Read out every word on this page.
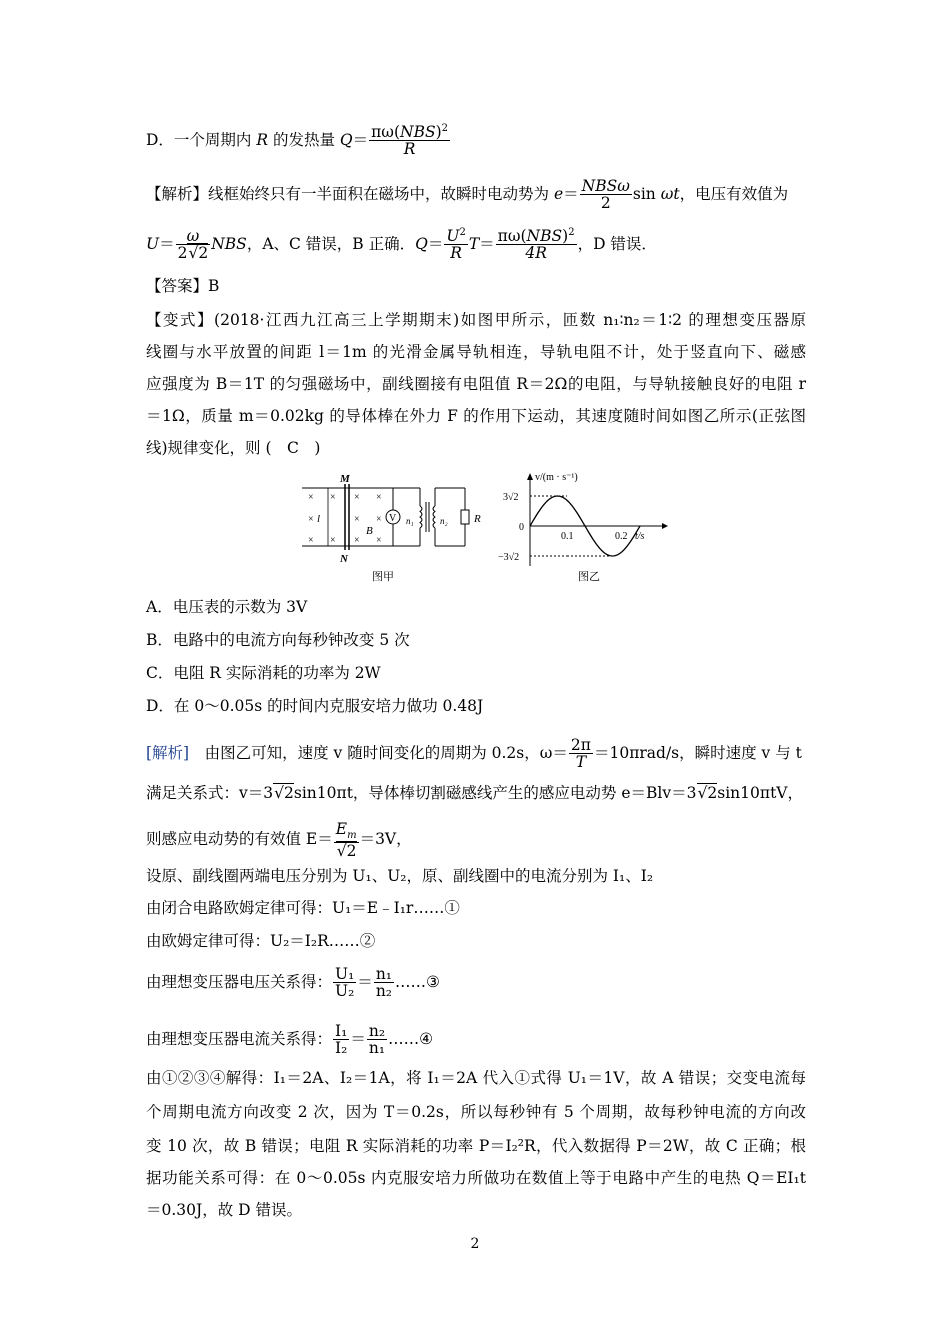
D．一个周期内 R 的发热量 $Q= \frac{\pi\omega(NBS)^2}{R}$
【解析】线框始终只有一半面积在磁场中，故瞬时电动势为 $e= \frac{\text{NBSω}}{2}$ sin ωt，电压有效值为
$U= \frac{\omega}{2√2}$ NBS，A、C 错误，B 正确．$Q= \frac{U^2}{R} T= \frac{\pi\omega(NBS)^2}{4R}$ ，D 错误．
【答案】B
【变式】(2018·江西九江高三上学期期末)如图甲所示，匝数 n₁∶n₂＝1∶2 的理想变压器原
线圈与水平放置的间距 l＝1m 的光滑金属导轨相连，导轨电阻不计，处于竖直向下、磁感
应强度为 B＝1T 的匀强磁场中，副线圈接有电阻值 R＝2Ω的电阻，与导轨接触良好的电阻 r
＝1Ω，质量 m＝0.02kg 的导体棒在外力 F 的作用下运动，其速度随时间如图乙所示(正弦图
线)规律变化，则 (　C　)
× × × ×
×	× ×
× × × ×
M
N
l
B
V n₁	n₂ R
图甲
v/(m · s⁻¹)
3√2
0
−3√2
0.1	0.2 t/s
图乙
A．电压表的示数为 3V
B．电路中的电流方向每秒钟改变 5 次
C．电阻 R 实际消耗的功率为 2W
D．在 0～0.05s 的时间内克服安培力做功 0.48J
[解析]　由图乙可知，速度 v 随时间变化的周期为 0.2s，$\omega= \frac{2\pi}{T} =10\pi rad/s$，瞬时速度 v 与 t
满足关系式：v＝3√2sin10πt，导体棒切割磁感线产生的感应电动势 e＝Blv＝3√2sin10πtV，
则感应电动势的有效值 $E= \frac{E_m}{√2} =3V$，
设原、副线圈两端电压分别为 U₁、U₂，原、副线圈中的电流分别为 I₁、I₂
由闭合电路欧姆定律可得：U₁＝E﹣I₁r……①
由欧姆定律可得：U₂＝I₂R……②
由理想变压器电压关系得： $\frac{\text{U₁}}{\text{U₂}} = \frac{\text{n₁}}{\text{n₂}}$ ……③
由理想变压器电流关系得： $\frac{\text{I₁}}{\text{I₂}} = \frac{\text{n₂}}{\text{n₁}}$ ……④
由①②③④解得：I₁＝2A、I₂＝1A，将 I₁＝2A 代入①式得 U₁＝1V，故 A 错误；交变电流每
个周期电流方向改变 2 次，因为 T＝0.2s，所以每秒钟有 5 个周期，故每秒钟电流的方向改
变 10 次，故 B 错误；电阻 R 实际消耗的功率 P＝I₂²R，代入数据得 P＝2W，故 C 正确；根
据功能关系可得：在 0～0.05s 内克服安培力所做功在数值上等于电路中产生的电热 Q＝EI₁t
＝0.30J，故 D 错误。
2
